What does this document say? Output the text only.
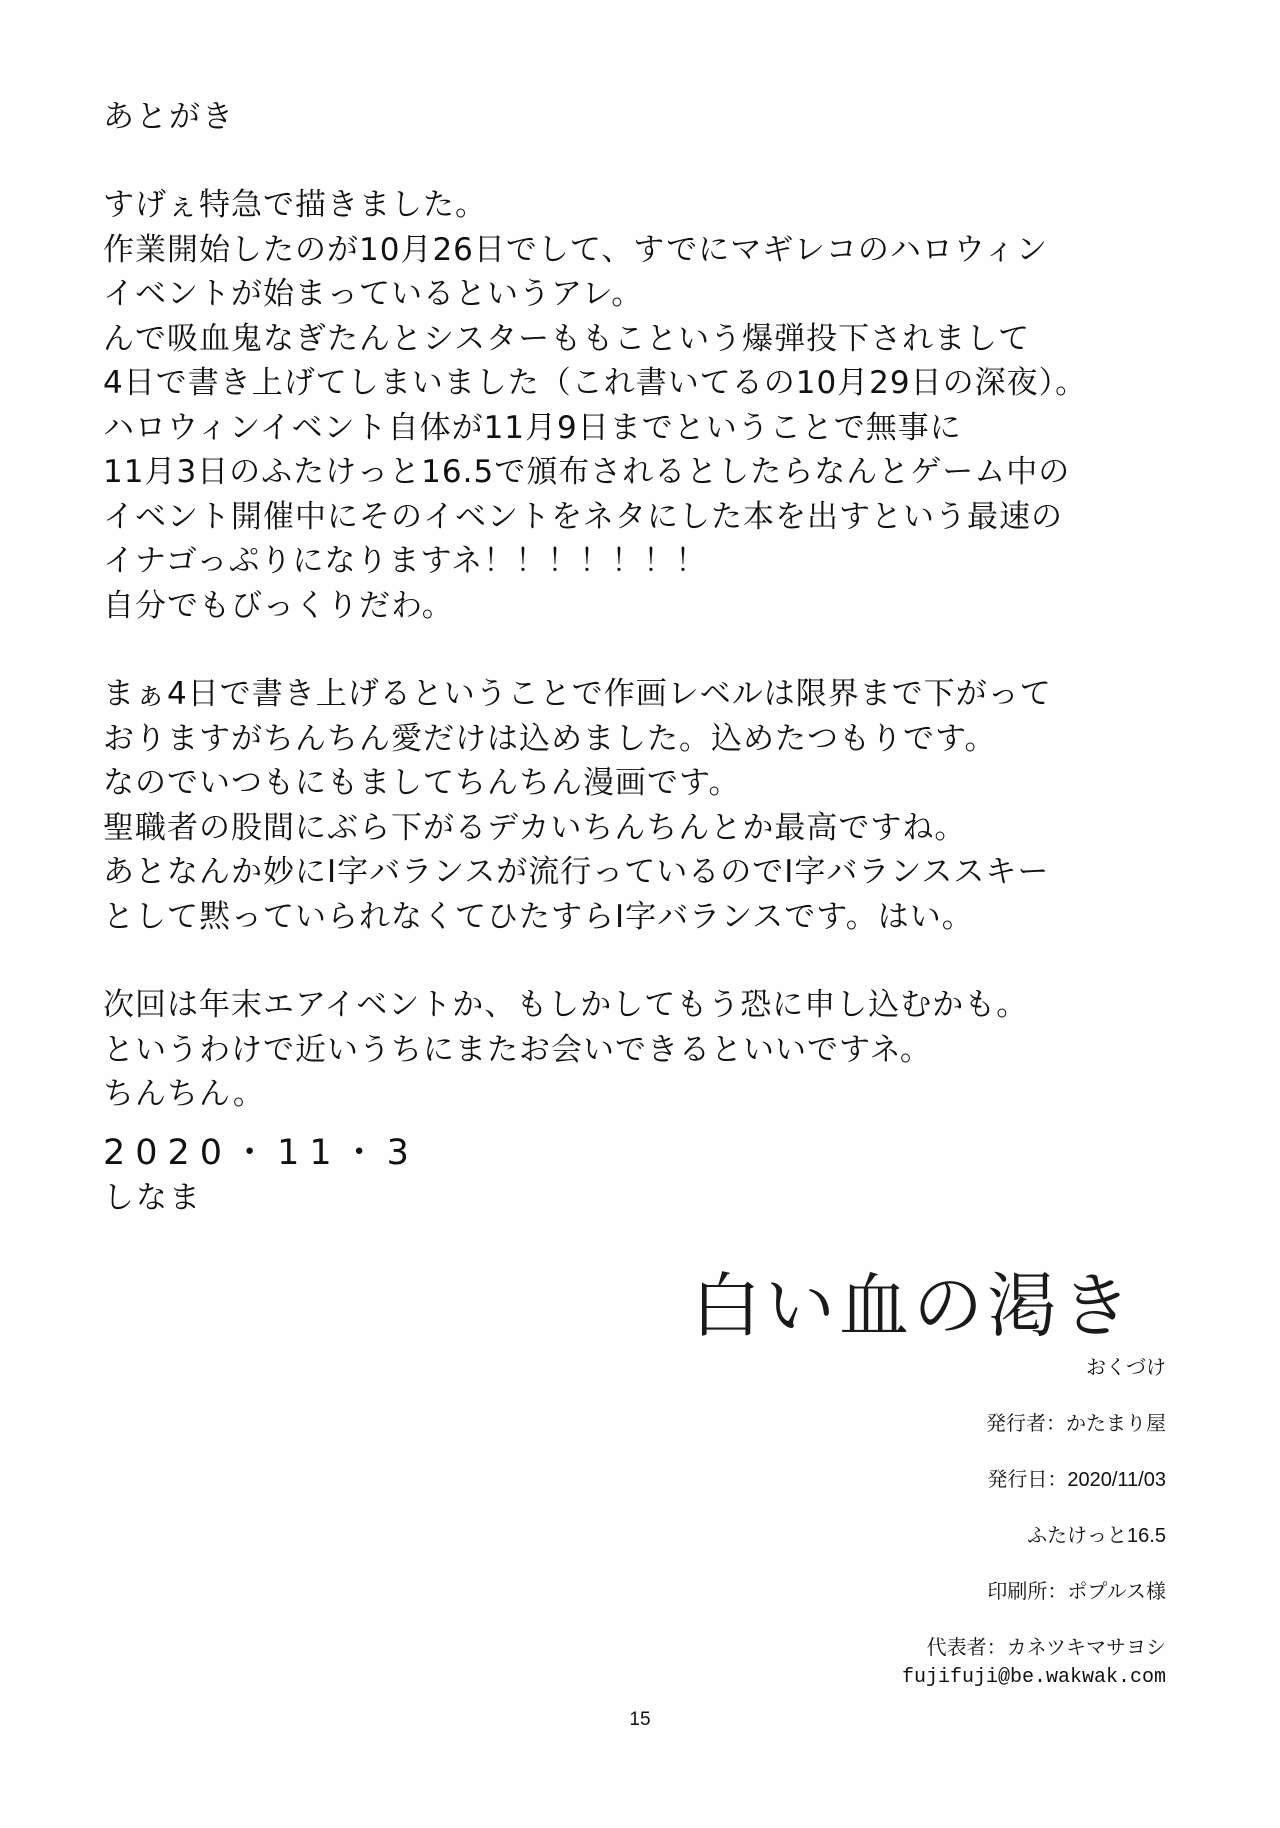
あとがき
すげぇ特急で描きました。
作業開始したのが10月26日でして、すでにマギレコのハロウィン
イベントが始まっているというアレ。
んで吸血鬼なぎたんとシスターももこという爆弾投下されまして
4日で書き上げてしまいました（これ書いてるの10月29日の深夜）。
ハロウィンイベント自体が11月9日までということで無事に
11月3日のふたけっと16.5で頒布されるとしたらなんとゲーム中の
イベント開催中にそのイベントをネタにした本を出すという最速の
イナゴっぷりになりますネ！！！！！！！
自分でもびっくりだわ。
まぁ4日で書き上げるということで作画レベルは限界まで下がって
おりますがちんちん愛だけは込めました。込めたつもりです。
なのでいつもにもましてちんちん漫画です。
聖職者の股間にぶら下がるデカいちんちんとか最高ですね。
あとなんか妙にI字バランスが流行っているのでI字バランススキー
として黙っていられなくてひたすらI字バランスです。はい。
次回は年末エアイベントか、もしかしてもう恐に申し込むかも。
というわけで近いうちにまたお会いできるといいですネ。
ちんちん。
2020・11・3
しなま
白い血の渇き
おくづけ
発行者：かたまり屋
発行日：2020/11/03
ふたけっと16.5
印刷所：ポプルス様
代表者：カネツキマサヨシ
fujifuji@be.wakwak.com
15
